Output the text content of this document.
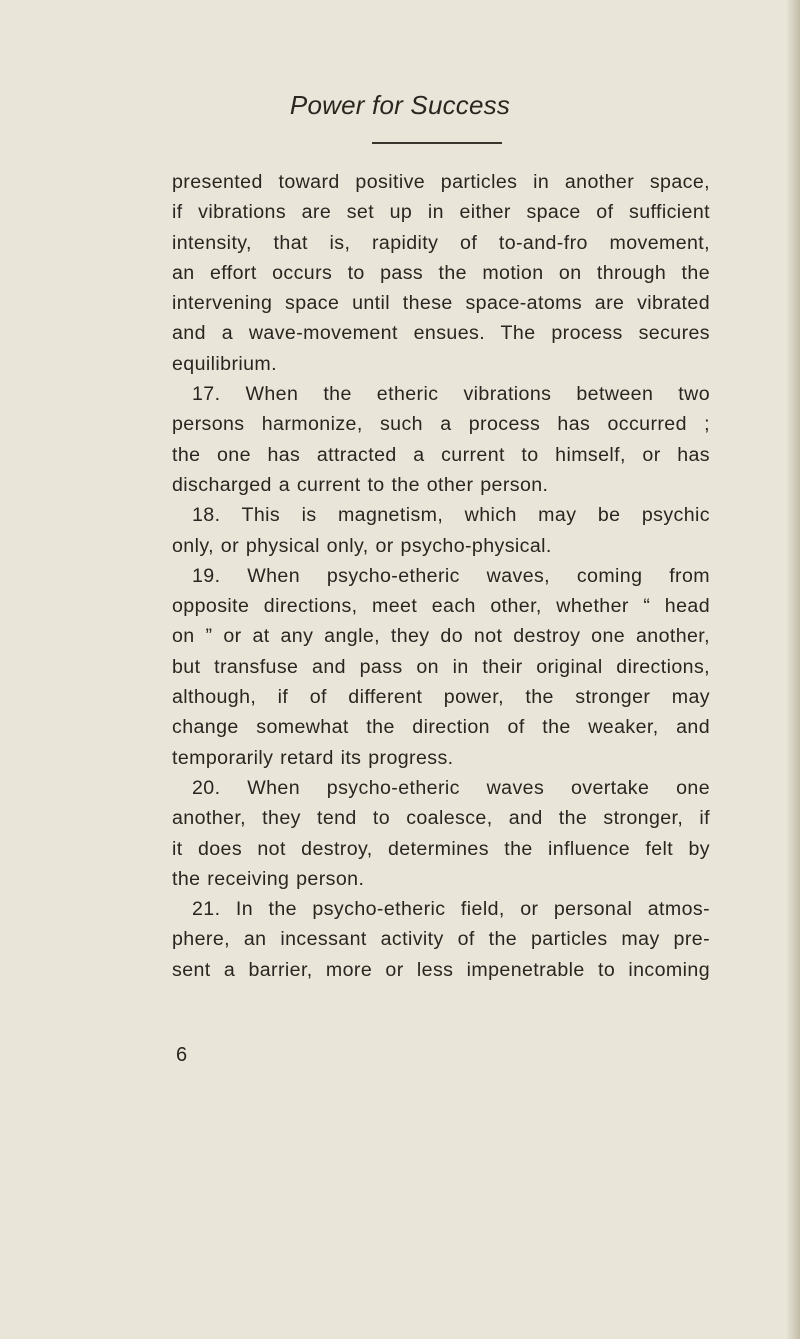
Power for Success
presented toward positive particles in another space,
if vibrations are set up in either space of sufficient
intensity, that is, rapidity of to-and-fro movement,
an effort occurs to pass the motion on through the
intervening space until these space-atoms are vibrated
and a wave-movement ensues. The process secures
equilibrium.
17. When the etheric vibrations between two
persons harmonize, such a process has occurred ;
the one has attracted a current to himself, or has
discharged a current to the other person.
18. This is magnetism, which may be psychic
only, or physical only, or psycho-physical.
19. When psycho-etheric waves, coming from
opposite directions, meet each other, whether “ head
on ” or at any angle, they do not destroy one another,
but transfuse and pass on in their original directions,
although, if of different power, the stronger may
change somewhat the direction of the weaker, and
temporarily retard its progress.
20. When psycho-etheric waves overtake one
another, they tend to coalesce, and the stronger, if
it does not destroy, determines the influence felt by
the receiving person.
21. In the psycho-etheric field, or personal atmos-
phere, an incessant activity of the particles may pre-
sent a barrier, more or less impenetrable to incoming
6
